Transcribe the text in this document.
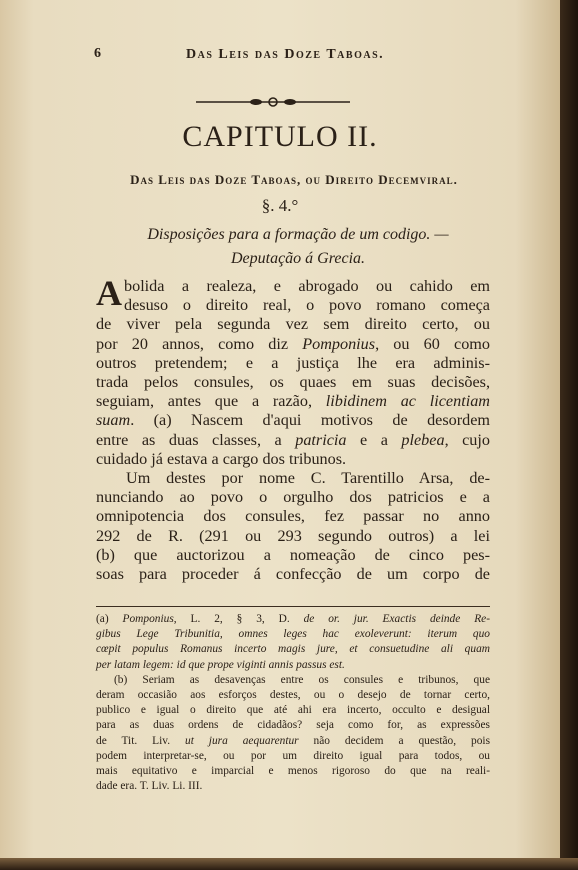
6	Das Leis das Doze Taboas.
CAPITULO II.
Das Leis das Doze Taboas, ou Direito Decemviral.
§. 4.°
Disposições para a formação de um codigo. —
Deputação á Grecia.
Abolida a realeza, e abrogado ou cahido em
desuso o direito real, o povo romano começa
de viver pela segunda vez sem direito certo, ou
por 20 annos, como diz Pomponius, ou 60 como
outros pretendem; e a justiça lhe era adminis-
trada pelos consules, os quaes em suas decisões,
seguiam, antes que a razão, libidinem ac licentiam
suam. (a) Nascem d'aqui motivos de desordem
entre as duas classes, a patricia e a plebea, cujo
cuidado já estava a cargo dos tribunos.
Um destes por nome C. Tarentillo Arsa, de-
nunciando ao povo o orgulho dos patricios e a
omnipotencia dos consules, fez passar no anno
292 de R. (291 ou 293 segundo outros) a lei
(b) que auctorizou a nomeação de cinco pes-
soas para proceder á confecção de um corpo de
(a) Pomponius, L. 2, § 3, D. de or. jur. Exactis deinde Re-
gibus Lege Tribunitia, omnes leges hac exoleverunt: iterum quo
cœpit populus Romanus incerto magis jure, et consuetudine ali quam
per latam legem: id que prope viginti annis passus est.
(b) Seriam as desavenças entre os consules e tribunos, que
deram occasião aos esforços destes, ou o desejo de tornar certo,
publico e igual o direito que até ahi era incerto, occulto e desigual
para as duas ordens de cidadãos? seja como for, as expressões
de Tit. Liv. ut jura aequarentur não decidem a questão, pois
podem interpretar-se, ou por um direito igual para todos, ou
mais equitativo e imparcial e menos rigoroso do que na reali-
dade era. T. Liv. Li. III.
